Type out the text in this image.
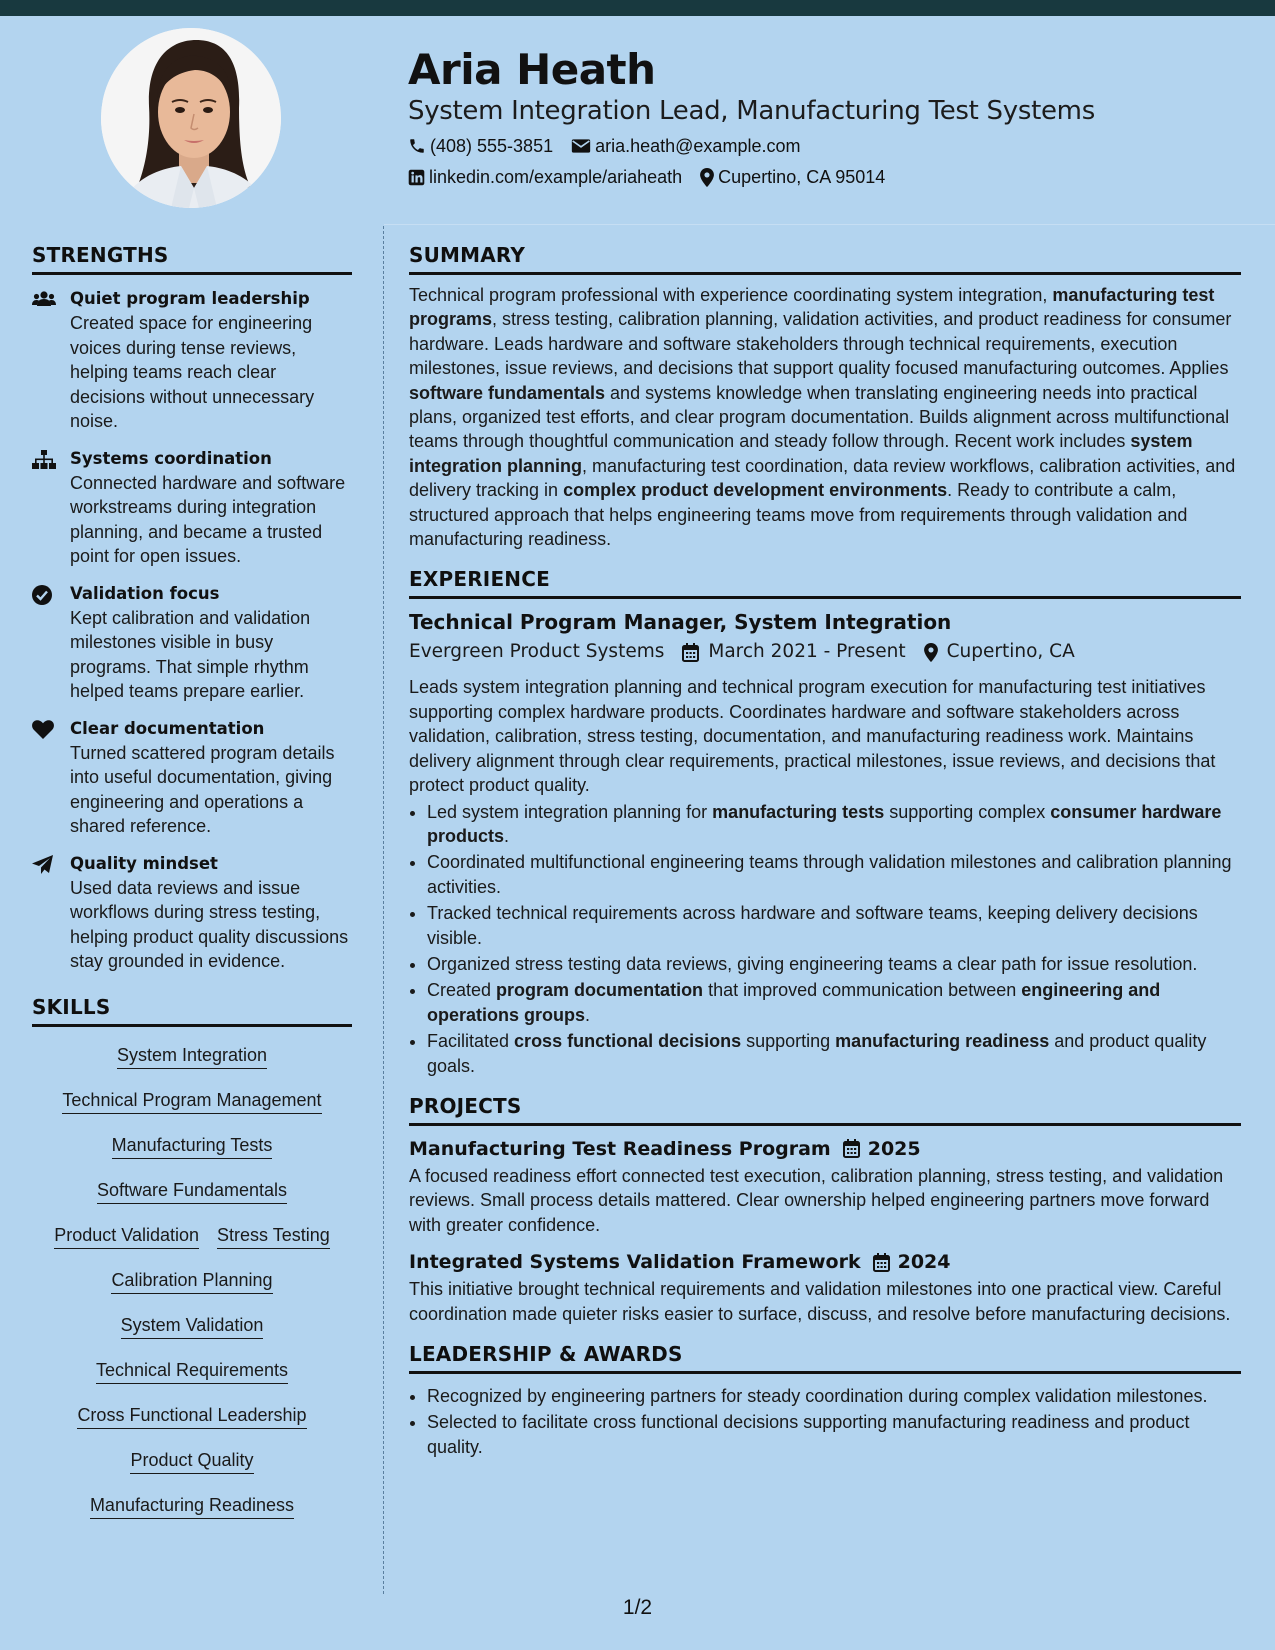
Aria Heath
System Integration Lead, Manufacturing Test Systems
(408) 555-3851 aria.heath@example.com
linkedin.com/example/ariaheath Cupertino, CA 95014
STRENGTHS
Quiet program leadership
Created space for engineering voices during tense reviews, helping teams reach clear decisions without unnecessary noise.
Systems coordination
Connected hardware and software workstreams during integration planning, and became a trusted point for open issues.
Validation focus
Kept calibration and validation milestones visible in busy programs. That simple rhythm helped teams prepare earlier.
Clear documentation
Turned scattered program details into useful documentation, giving engineering and operations a shared reference.
Quality mindset
Used data reviews and issue workflows during stress testing, helping product quality discussions stay grounded in evidence.
SKILLS
System Integration
Technical Program Management
Manufacturing Tests
Software Fundamentals
Product Validation Stress Testing
Calibration Planning
System Validation
Technical Requirements
Cross Functional Leadership
Product Quality
Manufacturing Readiness
SUMMARY

Technical program professional with experience coordinating system integration, manufacturing test programs, stress testing, calibration planning, validation activities, and product readiness for consumer hardware. Leads hardware and software stakeholders through technical requirements, execution milestones, issue reviews, and decisions that support quality focused manufacturing outcomes. Applies software fundamentals and systems knowledge when translating engineering needs into practical plans, organized test efforts, and clear program documentation. Builds alignment across multifunctional teams through thoughtful communication and steady follow through. Recent work includes system integration planning, manufacturing test coordination, data review workflows, calibration activities, and delivery tracking in complex product development environments. Ready to contribute a calm, structured approach that helps engineering teams move from requirements through validation and manufacturing readiness.

EXPERIENCE
Technical Program Manager, System Integration
Evergreen Product Systems March 2021 - Present Cupertino, CA

Leads system integration planning and technical program execution for manufacturing test initiatives supporting complex hardware products. Coordinates hardware and software stakeholders across validation, calibration, stress testing, documentation, and manufacturing readiness work. Maintains delivery alignment through clear requirements, practical milestones, issue reviews, and decisions that protect product quality.

• Led system integration planning for manufacturing tests supporting complex consumer hardware products.
• Coordinated multifunctional engineering teams through validation milestones and calibration planning activities.
• Tracked technical requirements across hardware and software teams, keeping delivery decisions visible.
• Organized stress testing data reviews, giving engineering teams a clear path for issue resolution.
• Created program documentation that improved communication between engineering and operations groups.
• Facilitated cross functional decisions supporting manufacturing readiness and product quality goals.
PROJECTS
Manufacturing Test Readiness Program 2025

A focused readiness effort connected test execution, calibration planning, stress testing, and validation reviews. Small process details mattered. Clear ownership helped engineering partners move forward with greater confidence.

Integrated Systems Validation Framework 2024

This initiative brought technical requirements and validation milestones into one practical view. Careful coordination made quieter risks easier to surface, discuss, and resolve before manufacturing decisions.

LEADERSHIP & AWARDS
• Recognized by engineering partners for steady coordination during complex validation milestones.
• Selected to facilitate cross functional decisions supporting manufacturing readiness and product quality.
1/2
